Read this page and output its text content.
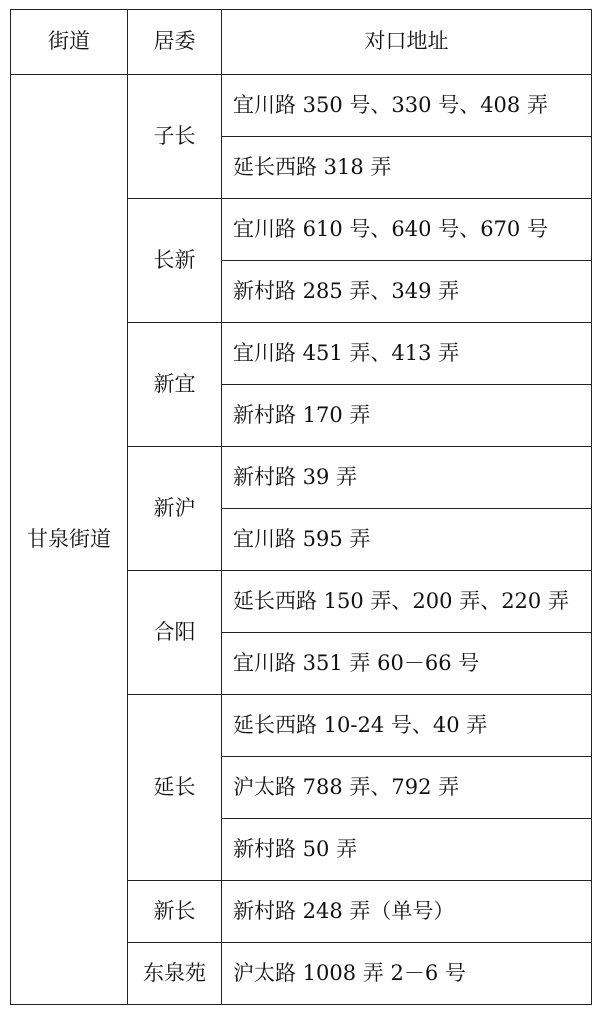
街道	居委	对口地址
甘泉街道	子长	宜川路 350 号、330 号、408 弄
		延长西路 318 弄
	长新	宜川路 610 号、640 号、670 号
		新村路 285 弄、349 弄
	新宜	宜川路 451 弄、413 弄
		新村路 170 弄
	新沪	新村路 39 弄
		宜川路 595 弄
	合阳	延长西路 150 弄、200 弄、220 弄
		宜川路 351 弄 60－66 号
	延长	延长西路 10-24 号、40 弄
		沪太路 788 弄、792 弄
		新村路 50 弄
	新长	新村路 248 弄（单号）
	东泉苑	沪太路 1008 弄 2－6 号
